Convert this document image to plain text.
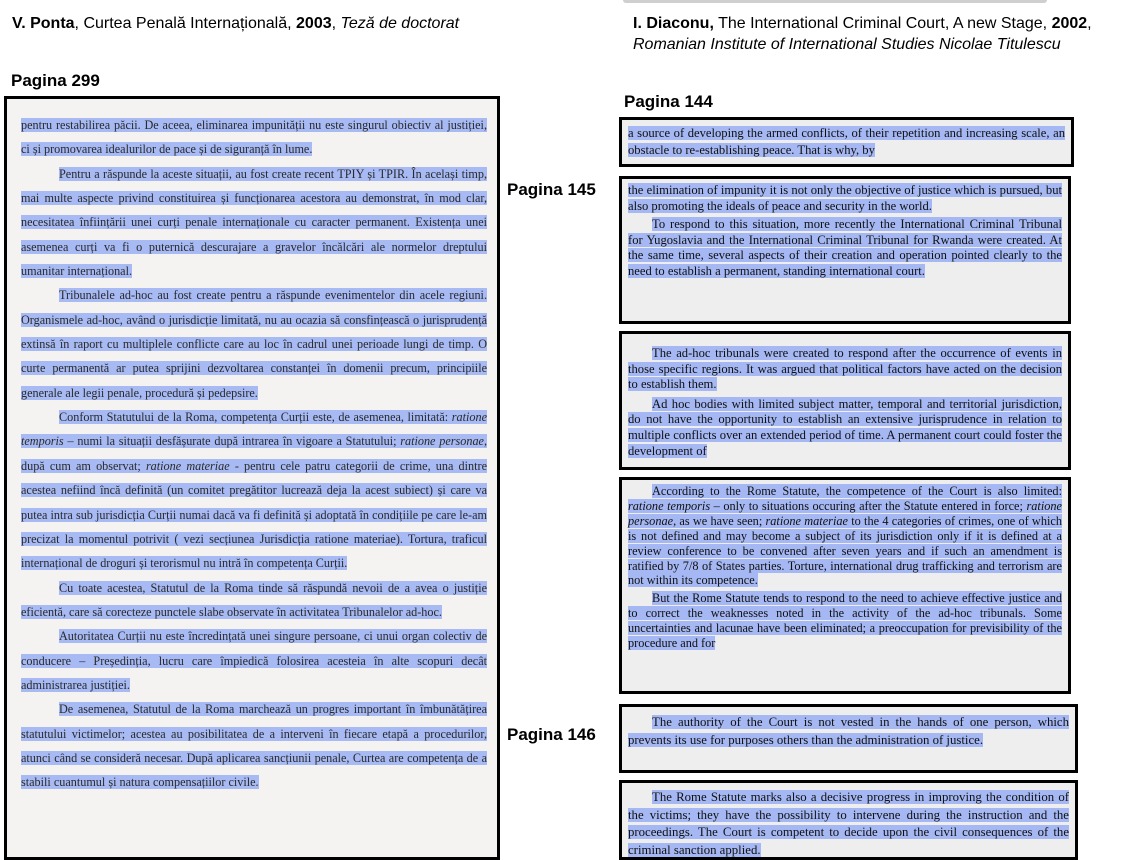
V. Ponta, Curtea Penală Internațională, 2003, Teză de doctorat	I. Diaconu, The International Criminal Court, A new Stage, 2002, Romanian Institute of International Studies Nicolae Titulescu
Pagina 299
Pagina 144
Pagina 145
Pagina 146

pentru restabilirea păcii. De aceea, eliminarea impunității nu este singurul obiectiv al justiției, ci și promovarea idealurilor de pace și de siguranță în lume.

Pentru a răspunde la aceste situații, au fost create recent TPIY și TPIR. În același timp, mai multe aspecte privind constituirea și funcționarea acestora au demonstrat, în mod clar, necesitatea înființării unei curți penale internaționale cu caracter permanent. Existența unei asemenea curți va fi o puternică descurajare a gravelor încălcări ale normelor dreptului umanitar internațional.

Tribunalele ad-hoc au fost create pentru a răspunde evenimentelor din acele regiuni. Organismele ad-hoc, având o jurisdicție limitată, nu au ocazia să consfințească o jurisprudență extinsă în raport cu multiplele conflicte care au loc în cadrul unei perioade lungi de timp. O curte permanentă ar putea sprijini dezvoltarea constanței în domenii precum, principiile generale ale legii penale, procedură și pedepsire.

Conform Statutului de la Roma, competența Curții este, de asemenea, limitată: ratione temporis – numi la situații desfășurate după intrarea în vigoare a Statutului; ratione personae, după cum am observat; ratione materiae - pentru cele patru categorii de crime, una dintre acestea nefiind încă definită (un comitet pregătitor lucrează deja la acest subiect) și care va putea intra sub jurisdicția Curții numai dacă va fi definită și adoptată în condițiile pe care le-am precizat la momentul potrivit ( vezi secțiunea Jurisdicția ratione materiae). Tortura, traficul internațional de droguri și terorismul nu intră în competența Curții.

Cu toate acestea, Statutul de la Roma tinde să răspundă nevoii de a avea o justiție eficientă, care să corecteze punctele slabe observate în activitatea Tribunalelor ad-hoc.

Autoritatea Curții nu este încredințată unei singure persoane, ci unui organ colectiv de conducere – Președinția, lucru care împiedică folosirea acesteia în alte scopuri decât administrarea justiției.

De asemenea, Statutul de la Roma marchează un progres important în îmbunătățirea statutului victimelor; acestea au posibilitatea de a interveni în fiecare etapă a procedurilor, atunci când se consideră necesar. După aplicarea sancțiunii penale, Curtea are competența de a stabili cuantumul și natura compensațiilor civile.

a source of developing the armed conflicts, of their repetition and increasing scale, an obstacle to re-establishing peace. That is why, by

the elimination of impunity it is not only the objective of justice which is pursued, but also promoting the ideals of peace and security in the world.

To respond to this situation, more recently the International Criminal Tribunal for Yugoslavia and the International Criminal Tribunal for Rwanda were created. At the same time, several aspects of their creation and operation pointed clearly to the need to establish a permanent, standing international court.

The ad-hoc tribunals were created to respond after the occurrence of events in those specific regions. It was argued that political factors have acted on the decision to establish them.

Ad hoc bodies with limited subject matter, temporal and territorial jurisdiction, do not have the opportunity to establish an extensive jurisprudence in relation to multiple conflicts over an extended period of time. A permanent court could foster the development of

According to the Rome Statute, the competence of the Court is also limited: ratione temporis – only to situations occuring after the Statute entered in force; ratione personae, as we have seen; ratione materiae to the 4 categories of crimes, one of which is not defined and may become a subject of its jurisdiction only if it is defined at a review conference to be convened after seven years and if such an amendment is ratified by 7/8 of States parties. Torture, international drug trafficking and terrorism are not within its competence.

But the Rome Statute tends to respond to the need to achieve effective justice and to correct the weaknesses noted in the activity of the ad-hoc tribunals. Some uncertainties and lacunae have been eliminated; a preoccupation for previsibility of the procedure and for

The authority of the Court is not vested in the hands of one person, which prevents its use for purposes others than the administration of justice.

The Rome Statute marks also a decisive progress in improving the condition of the victims; they have the possibility to intervene during the instruction and the proceedings. The Court is competent to decide upon the civil consequences of the criminal sanction applied.
